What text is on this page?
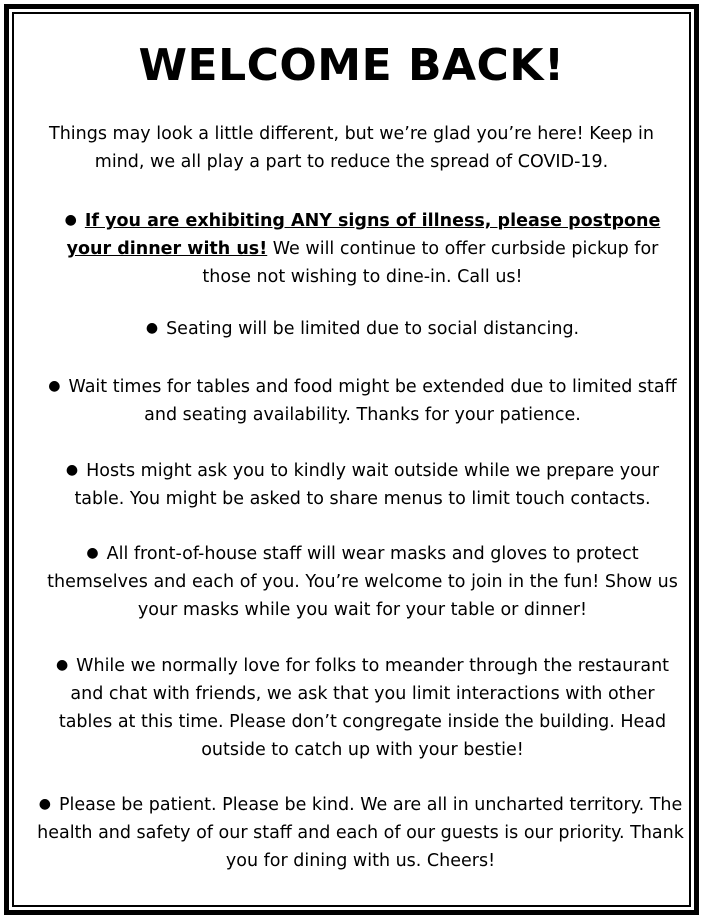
WELCOME BACK!

Things may look a little different, but we’re glad you’re here! Keep in mind, we all play a part to reduce the spread of COVID-19.

● If you are exhibiting ANY signs of illness, please postpone your dinner with us! We will continue to offer curbside pickup for those not wishing to dine-in. Call us!

● Seating will be limited due to social distancing.

● Wait times for tables and food might be extended due to limited staff and seating availability. Thanks for your patience.

● Hosts might ask you to kindly wait outside while we prepare your table. You might be asked to share menus to limit touch contacts.

● All front-of-house staff will wear masks and gloves to protect themselves and each of you. You’re welcome to join in the fun! Show us your masks while you wait for your table or dinner!

● While we normally love for folks to meander through the restaurant and chat with friends, we ask that you limit interactions with other tables at this time. Please don’t congregate inside the building. Head outside to catch up with your bestie!

● Please be patient. Please be kind. We are all in uncharted territory. The health and safety of our staff and each of our guests is our priority. Thank you for dining with us. Cheers!
